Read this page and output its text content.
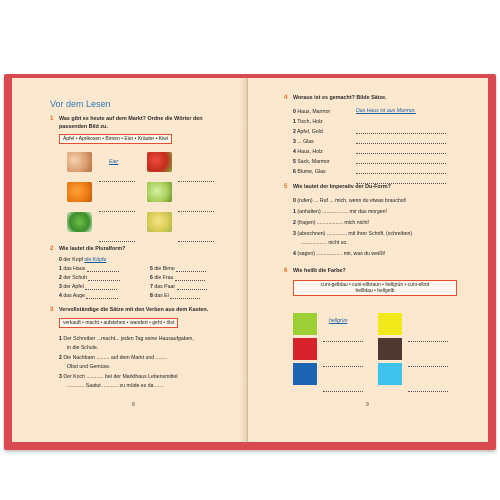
Vor dem Lesen
1 Was gibt es heute auf dem Markt? Ordne die Wörter den
passenden Bild zu.
Äpfel • Aprikosen • Birnen • Eier • Kräuter • Kiwi
Eier
2 Wie lautet die Pluralform?
0 der Kopf die Köpfe
1 das Haus
2 der Schuh
3 der Apfel
4 das Auge
5 die Birne
6 die Frau
7 das Paar
8 das Ei
3 Vervollständige die Sätze mit den Verben aus dem Kasten.
verkauft • macht • aufstehen • wandert • geht • ölst
1 Der Schreiber ...macht... jeden Tag seine Hausaufgaben,
in die Schule.
2 Die Nachbarn ......... auf dem Markt und ........
Obst und Gemüse.
3 Der Koch ............ bei der Markthaus Lebensmittel
............ Saatut ........... zu müde es da ......
8
4 Woraus ist es gemacht? Bilde Sätze.
0 Haus, Marmor	Das Haus ist aus Marmor.
1 Tisch, Holz
2 Apfel, Gold
3 ... Glas
4 Haus, Holz
5 Sack, Marmor
6 Blume, Glas
5 Wie lautet der Imperativ der Du-Form?
0 (rufen) ... Ruf ... mich, wenn du etwas brauchst!
1 (anhalten) .................. mir das morgen!
2 (fragen) .................. mich nicht!
3 (abrechnen) .............. mit ihrer Schrift. (schreiben)
.................. nicht so.
4 (sagen) .................. mir, was du weißt!
6 Wie heißt die Farbe?
cuni-gelblau • cuni-ellbraun • hellgrün • cuni-ellrot
hellblau • hellgelb
hellgrün
9
